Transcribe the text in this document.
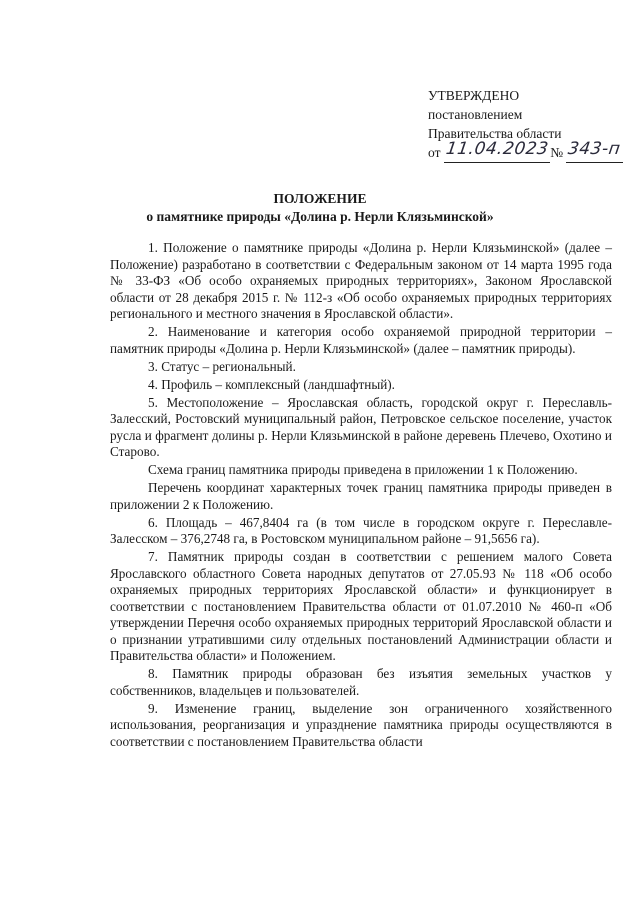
УТВЕРЖДЕНО
постановлением
Правительства области
от 11.04.2023№ 343-п
ПОЛОЖЕНИЕ
о памятнике природы «Долина р. Нерли Клязьминской»

1. Положение о памятнике природы «Долина р. Нерли Клязьминской» (далее – Положение) разработано в соответствии с Федеральным законом от 14 марта 1995 года № 33-ФЗ «Об особо охраняемых природных территориях», Законом Ярославской области от 28 декабря 2015 г. № 112-з «Об особо охраняемых природных территориях регионального и местного значения в Ярославской области».

2. Наименование и категория особо охраняемой природной территории – памятник природы «Долина р. Нерли Клязьминской» (далее – памятник природы).

3. Статус – региональный.

4. Профиль – комплексный (ландшафтный).

5. Местоположение – Ярославская область, городской округ г. Переславль-Залесский, Ростовский муниципальный район, Петровское сельское поселение, участок русла и фрагмент долины р. Нерли Клязьминской в районе деревень Плечево, Охотино и Старово.

Схема границ памятника природы приведена в приложении 1 к Положению.

Перечень координат характерных точек границ памятника природы приведен в приложении 2 к Положению.

6. Площадь – 467,8404 га (в том числе в городском округе г. Переславле-Залесском – 376,2748 га, в Ростовском муниципальном районе – 91,5656 га).

7. Памятник природы создан в соответствии с решением малого Совета Ярославского областного Совета народных депутатов от 27.05.93 № 118 «Об особо охраняемых природных территориях Ярославской области» и функционирует в соответствии с постановлением Правительства области от 01.07.2010 № 460-п «Об утверждении Перечня особо охраняемых природных территорий Ярославской области и о признании утратившими силу отдельных постановлений Администрации области и Правительства области» и Положением.

8. Памятник природы образован без изъятия земельных участков у собственников, владельцев и пользователей.

9. Изменение границ, выделение зон ограниченного хозяйственного использования, реорганизация и упразднение памятника природы осуществляются в соответствии с постановлением Правительства области
